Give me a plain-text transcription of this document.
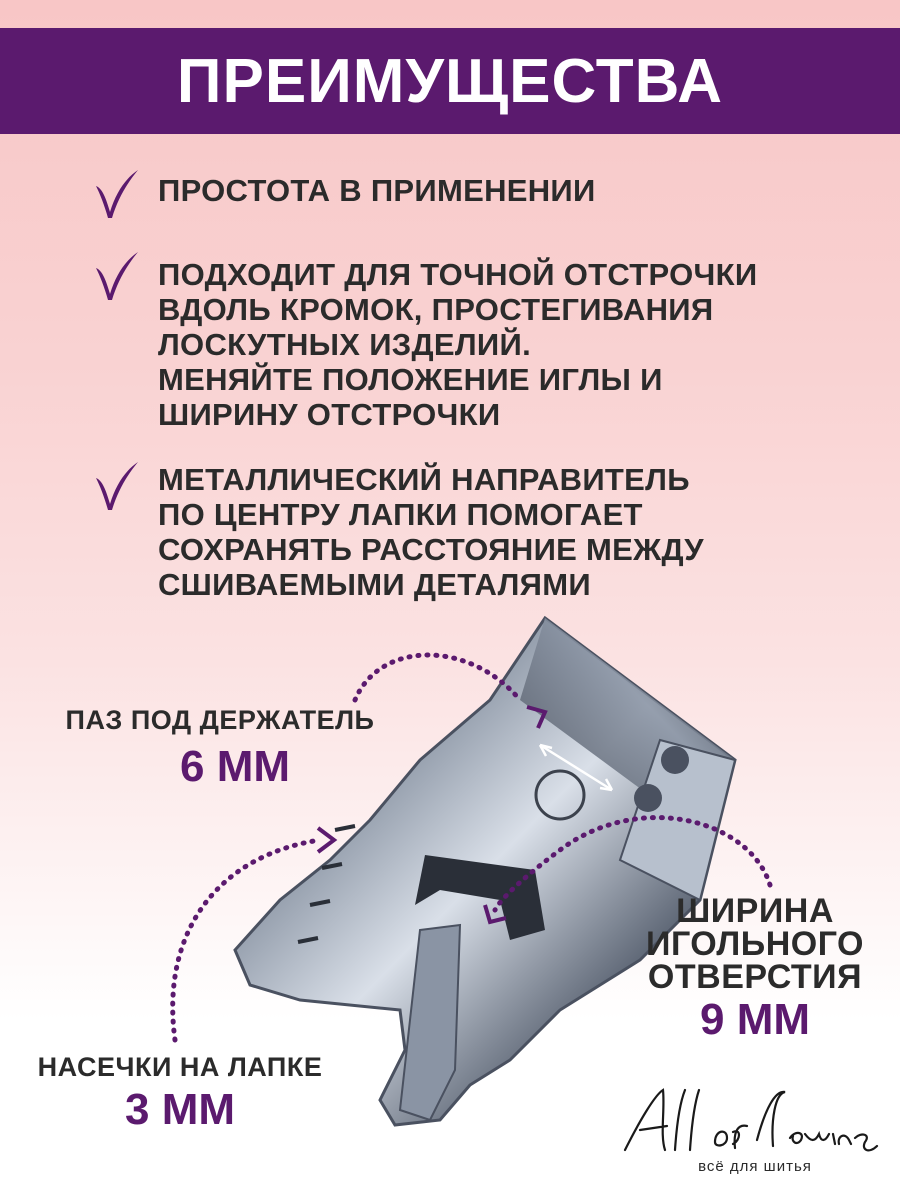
ПРЕИМУЩЕСТВА
ПРОСТОТА В ПРИМЕНЕНИИ
ПОДХОДИТ ДЛЯ ТОЧНОЙ ОТСТРОЧКИ
ВДОЛЬ КРОМОК, ПРОСТЕГИВАНИЯ
ЛОСКУТНЫХ ИЗДЕЛИЙ.
МЕНЯЙТЕ ПОЛОЖЕНИЕ ИГЛЫ И
ШИРИНУ ОТСТРОЧКИ
МЕТАЛЛИЧЕСКИЙ НАПРАВИТЕЛЬ
ПО ЦЕНТРУ ЛАПКИ ПОМОГАЕТ
СОХРАНЯТЬ РАССТОЯНИЕ МЕЖДУ
СШИВАЕМЫМИ ДЕТАЛЯМИ
ПАЗ ПОД ДЕРЖАТЕЛЬ
6 ММ
ШИРИНА
ИГОЛЬНОГО
ОТВЕРСТИЯ
9 ММ
НАСЕЧКИ НА ЛАПКЕ
3 ММ
всё для шитья
